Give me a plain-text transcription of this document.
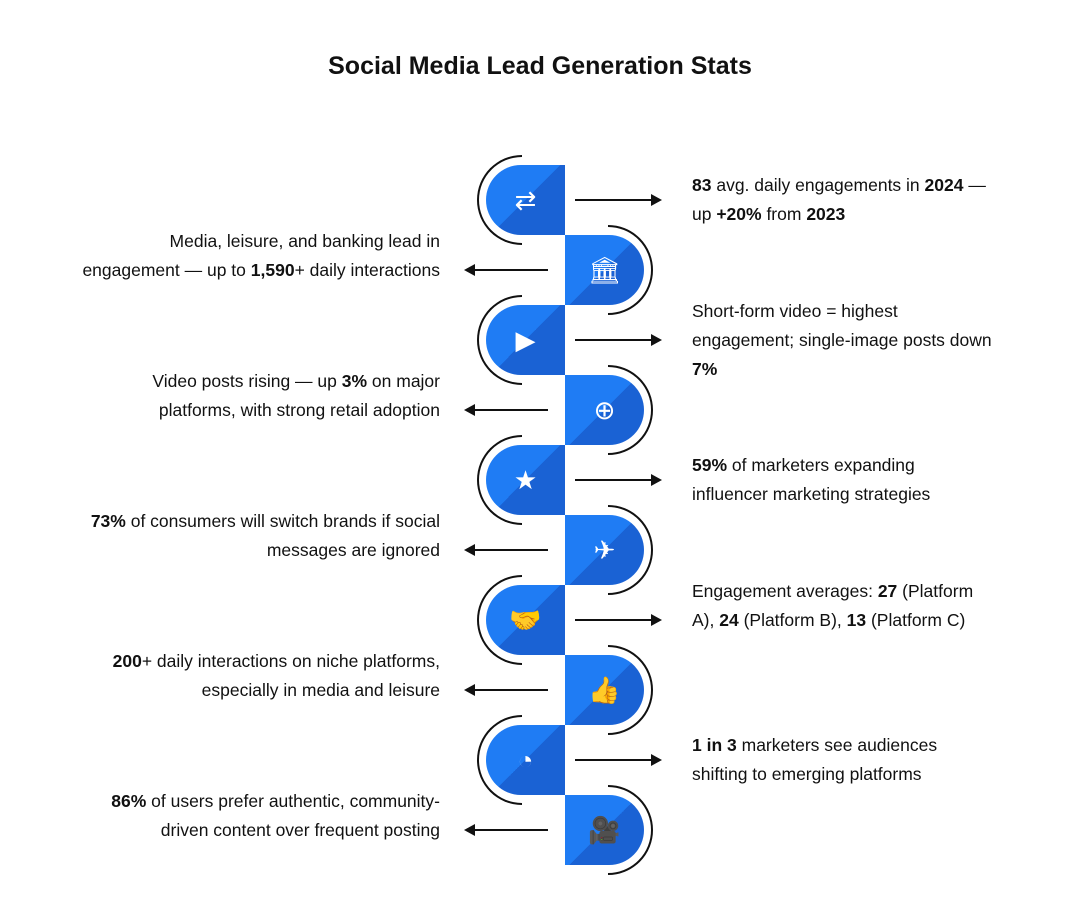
Social Media Lead Generation Stats
⇄	83 avg. daily engagements in 2024 — up +20% from 2023
🏛
Media, leisure, and banking lead in engagement — up to 1,590+ daily interactions
▶
Short-form video = highest engagement; single-image posts down 7%
⊕
Video posts rising — up 3% on major platforms, with strong retail adoption
★	59% of marketers expanding influencer marketing strategies
✈
73% of consumers will switch brands if social messages are ignored
🤝
Engagement averages: 27 (Platform A), 24 (Platform B), 13 (Platform C)
👍
200+ daily interactions on niche platforms, especially in media and leisure
◔	1 in 3 marketers see audiences shifting to emerging platforms
🎥
86% of users prefer authentic, community-driven content over frequent posting
